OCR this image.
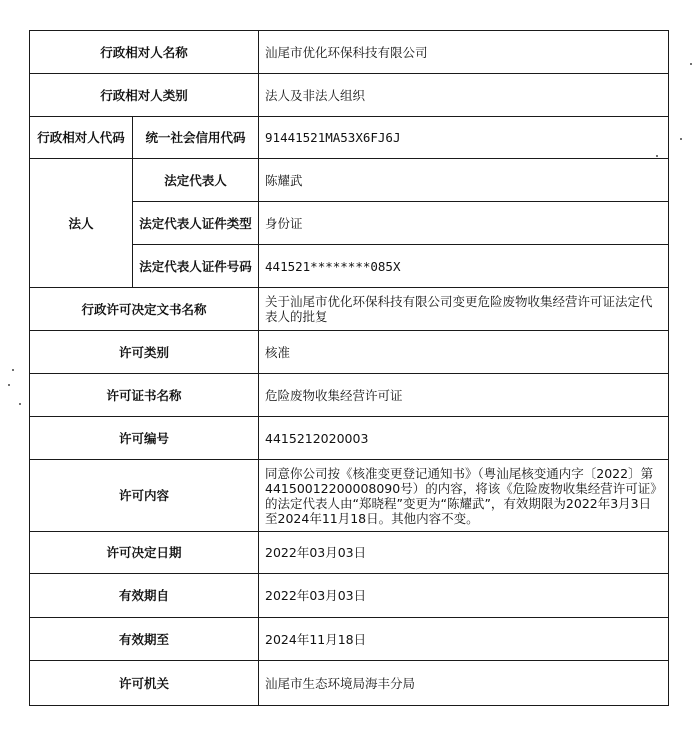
行政相对人名称		汕尾市优化环保科技有限公司
行政相对人类别		法人及非法人组织
行政相对人代码	统一社会信用代码	91441521MA53X6FJ6J
法人	法定代表人	陈耀武
	法定代表人证件类型	身份证
	法定代表人证件号码	441521********085X
行政许可决定文书名称		关于汕尾市优化环保科技有限公司变更危险废物收集经营许可证法定代表人的批复
许可类别		核准
许可证书名称		危险废物收集经营许可证
许可编号		4415212020003
许可内容		同意你公司按《核准变更登记通知书》（粤汕尾核变通内字〔2022〕第44150012200008090号）的内容，将该《危险废物收集经营许可证》的法定代表人由“郑晓程”变更为“陈耀武”，有效期限为2022年3月3日至2024年11月18日。其他内容不变。
许可决定日期		2022年03月03日
有效期自		2022年03月03日
有效期至		2024年11月18日
许可机关		汕尾市生态环境局海丰分局
